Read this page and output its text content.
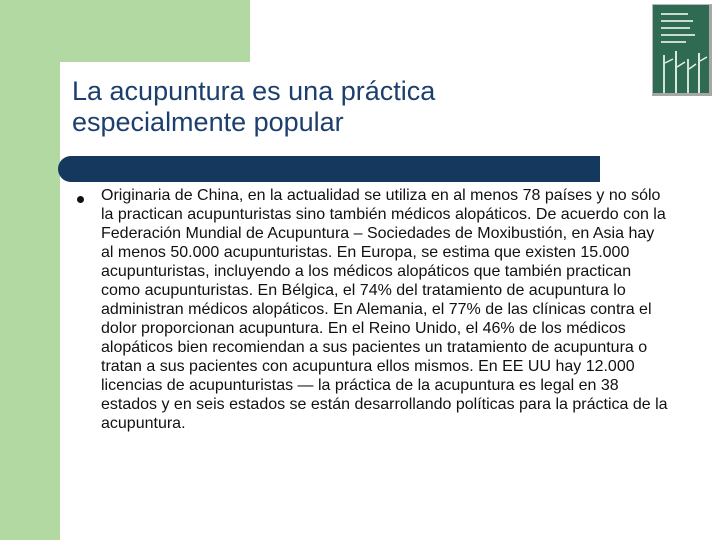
La acupuntura es una práctica especialmente popular

Originaria de China, en la actualidad se utiliza en al menos 78 países y no sólo la practican acupunturistas sino también médicos alopáticos. De acuerdo con la Federación Mundial de Acupuntura – Sociedades de Moxibustión, en Asia hay al menos 50.000 acupunturistas. En Europa, se estima que existen 15.000 acupunturistas, incluyendo a los médicos alopáticos que también practican como acupunturistas. En Bélgica, el 74% del tratamiento de acupuntura lo administran médicos alopáticos. En Alemania, el 77% de las clínicas contra el dolor proporcionan acupuntura. En el Reino Unido, el 46% de los médicos alopáticos bien recomiendan a sus pacientes un tratamiento de acupuntura o tratan a sus pacientes con acupuntura ellos mismos. En EE UU hay 12.000 licencias de acupunturistas — la práctica de la acupuntura es legal en 38 estados y en seis estados se están desarrollando políticas para la práctica de la acupuntura.
